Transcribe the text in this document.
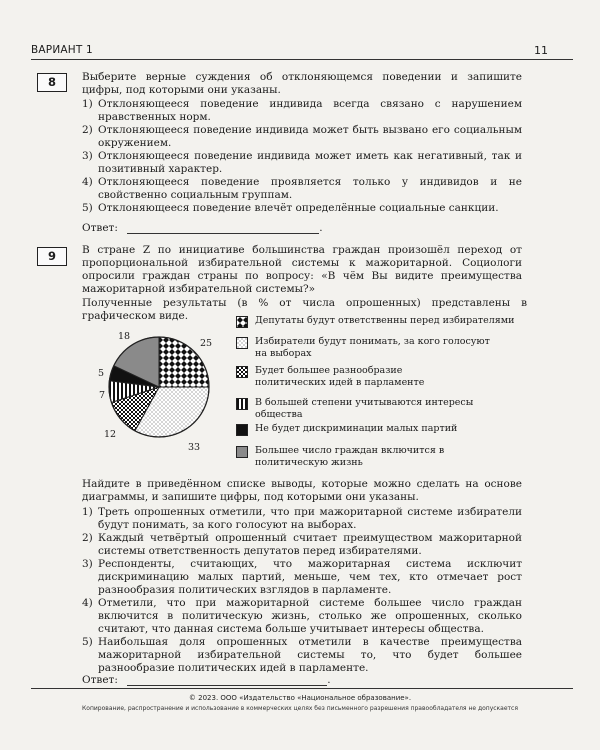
ВАРИАНТ 1	11
8	Выберите верные суждения об отклоняющемся поведении и запишите цифры, под которыми они указаны.
1) Отклоняющееся поведение индивида всегда связано с нарушением нравственных норм.
2) Отклоняющееся поведение индивида может быть вызвано его социальным окружением.
3) Отклоняющееся поведение индивида может иметь как негативный, так и позитивный характер.
4) Отклоняющееся поведение проявляется только у индивидов и не свойственно социальным группам.
5) Отклоняющееся поведение влечёт определённые социальные санкции.
Ответ:	.
9	В стране Z по инициативе большинства граждан произошёл переход от пропорциональной избирательной системы к мажоритарной. Социологи опросили граждан страны по вопросу: «В чём Вы видите преимущества мажоритарной избирательной системы?»
Полученные результаты (в % от числа опрошенных) представлены в графическом виде.
25
33
12
7
5
18
Депутаты будут ответственны перед избирателями
Избиратели будут понимать, за кого голосуют на выборах
Будет большее разнообразие политических идей в парламенте
В большей степени учитываются интересы общества
Не будет дискриминации малых партий
Большее число граждан включится в политическую жизнь
Найдите в приведённом списке выводы, которые можно сделать на основе диаграммы, и запишите цифры, под которыми они указаны.
1) Треть опрошенных отметили, что при мажоритарной системе избиратели будут понимать, за кого голосуют на выборах.
2) Каждый четвёртый опрошенный считает преимуществом мажоритарной системы ответственность депутатов перед избирателями.
3) Респонденты, считающих, что мажоритарная система исключит дискриминацию малых партий, меньше, чем тех, кто отмечает рост разнообразия политических взглядов в парламенте.
4) Отметили, что при мажоритарной системе большее число граждан включится в политическую жизнь, столько же опрошенных, сколько считают, что данная система больше учитывает интересы общества.
5) Наибольшая доля опрошенных отметили в качестве преимущества мажоритарной избирательной системы то, что будет большее разнообразие политических идей в парламенте.
Ответ:	.
© 2023. ООО «Издательство «Национальное образование».
Копирование, распространение и использование в коммерческих целях без письменного разрешения правообладателя не допускается
